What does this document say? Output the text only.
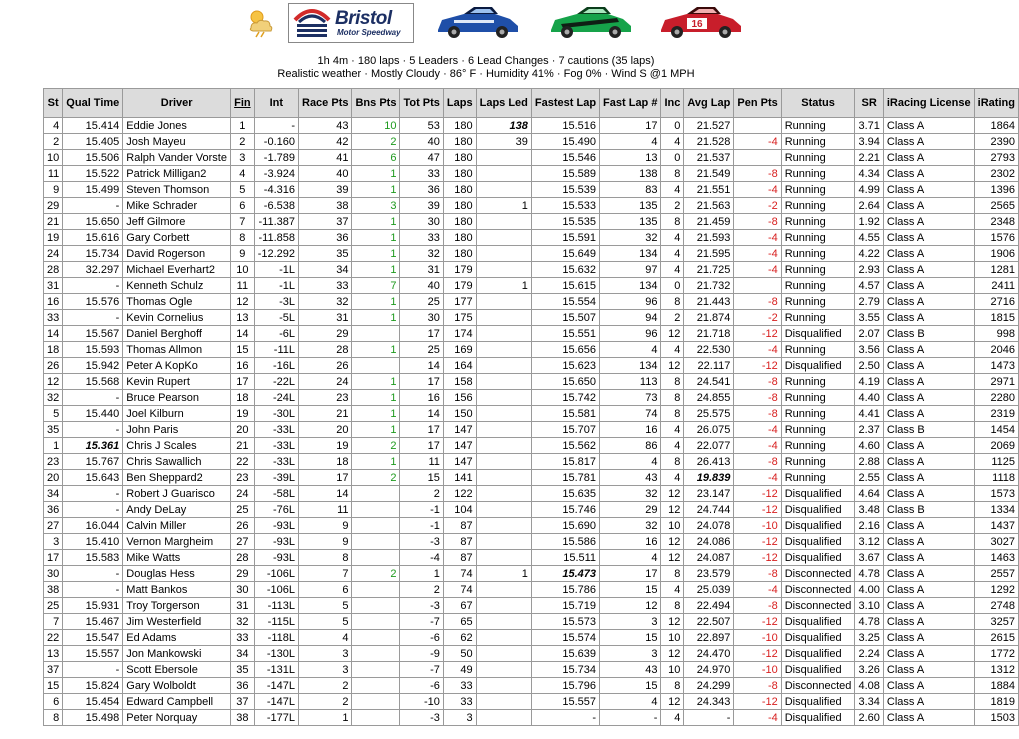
Bristol
Motor Speedway
16
1h 4m · 180 laps · 5 Leaders · 6 Lead Changes · 7 cautions (35 laps)
Realistic weather · Mostly Cloudy · 86° F · Humidity 41% · Fog 0% · Wind S @1 MPH
St	Qual Time	Driver	Fin	Int	Race Pts	Bns Pts	Tot Pts	Laps	Laps Led	Fastest Lap	Fast Lap #	Inc	Avg Lap	Pen Pts	Status	SR	iRacing License	iRating
4	15.414	Eddie Jones	1	-	43	10	53	180	138	15.516	17	0	21.527		Running	3.71	Class A	1864
2	15.405	Josh Mayeu	2	-0.160	42	2	40	180	39	15.490	4	4	21.528	-4	Running	3.94	Class A	2390
10	15.506	Ralph Vander Vorste	3	-1.789	41	6	47	180		15.546	13	0	21.537		Running	2.21	Class A	2793
11	15.522	Patrick Milligan2	4	-3.924	40	1	33	180		15.589	138	8	21.549	-8	Running	4.34	Class A	2302
9	15.499	Steven Thomson	5	-4.316	39	1	36	180		15.539	83	4	21.551	-4	Running	4.99	Class A	1396
29	-	Mike Schrader	6	-6.538	38	3	39	180	1	15.533	135	2	21.563	-2	Running	2.64	Class A	2565
21	15.650	Jeff Gilmore	7	-11.387	37	1	30	180		15.535	135	8	21.459	-8	Running	1.92	Class A	2348
19	15.616	Gary Corbett	8	-11.858	36	1	33	180		15.591	32	4	21.593	-4	Running	4.55	Class A	1576
24	15.734	David Rogerson	9	-12.292	35	1	32	180		15.649	134	4	21.595	-4	Running	4.22	Class A	1906
28	32.297	Michael Everhart2	10	-1L	34	1	31	179		15.632	97	4	21.725	-4	Running	2.93	Class A	1281
31	-	Kenneth Schulz	11	-1L	33	7	40	179	1	15.615	134	0	21.732		Running	4.57	Class A	2411
16	15.576	Thomas Ogle	12	-3L	32	1	25	177		15.554	96	8	21.443	-8	Running	2.79	Class A	2716
33	-	Kevin Cornelius	13	-5L	31	1	30	175		15.507	94	2	21.874	-2	Running	3.55	Class A	1815
14	15.567	Daniel Berghoff	14	-6L	29		17	174		15.551	96	12	21.718	-12	Disqualified	2.07	Class B	998
18	15.593	Thomas Allmon	15	-11L	28	1	25	169		15.656	4	4	22.530	-4	Running	3.56	Class A	2046
26	15.942	Peter A KopKo	16	-16L	26		14	164		15.623	134	12	22.117	-12	Disqualified	2.50	Class A	1473
12	15.568	Kevin Rupert	17	-22L	24	1	17	158		15.650	113	8	24.541	-8	Running	4.19	Class A	2971
32	-	Bruce Pearson	18	-24L	23	1	16	156		15.742	73	8	24.855	-8	Running	4.40	Class A	2280
5	15.440	Joel Kilburn	19	-30L	21	1	14	150		15.581	74	8	25.575	-8	Running	4.41	Class A	2319
35	-	John Paris	20	-33L	20	1	17	147		15.707	16	4	26.075	-4	Running	2.37	Class B	1454
1	15.361	Chris J Scales	21	-33L	19	2	17	147		15.562	86	4	22.077	-4	Running	4.60	Class A	2069
23	15.767	Chris Sawallich	22	-33L	18	1	11	147		15.817	4	8	26.413	-8	Running	2.88	Class A	1125
20	15.643	Ben Sheppard2	23	-39L	17	2	15	141		15.781	43	4	19.839	-4	Running	2.55	Class A	1118
34	-	Robert J Guarisco	24	-58L	14		2	122		15.635	32	12	23.147	-12	Disqualified	4.64	Class A	1573
36	-	Andy DeLay	25	-76L	11		-1	104		15.746	29	12	24.744	-12	Disqualified	3.48	Class B	1334
27	16.044	Calvin Miller	26	-93L	9		-1	87		15.690	32	10	24.078	-10	Disqualified	2.16	Class A	1437
3	15.410	Vernon Margheim	27	-93L	9		-3	87		15.586	16	12	24.086	-12	Disqualified	3.12	Class A	3027
17	15.583	Mike Watts	28	-93L	8		-4	87		15.511	4	12	24.087	-12	Disqualified	3.67	Class A	1463
30	-	Douglas Hess	29	-106L	7	2	1	74	1	15.473	17	8	23.579	-8	Disconnected	4.78	Class A	2557
38	-	Matt Bankos	30	-106L	6		2	74		15.786	15	4	25.039	-4	Disconnected	4.00	Class A	1292
25	15.931	Troy Torgerson	31	-113L	5		-3	67		15.719	12	8	22.494	-8	Disconnected	3.10	Class A	2748
7	15.467	Jim Westerfield	32	-115L	5		-7	65		15.573	3	12	22.507	-12	Disqualified	4.78	Class A	3257
22	15.547	Ed Adams	33	-118L	4		-6	62		15.574	15	10	22.897	-10	Disqualified	3.25	Class A	2615
13	15.557	Jon Mankowski	34	-130L	3		-9	50		15.639	3	12	24.470	-12	Disqualified	2.24	Class A	1772
37	-	Scott Ebersole	35	-131L	3		-7	49		15.734	43	10	24.970	-10	Disqualified	3.26	Class A	1312
15	15.824	Gary Wolboldt	36	-147L	2		-6	33		15.796	15	8	24.299	-8	Disconnected	4.08	Class A	1884
6	15.454	Edward Campbell	37	-147L	2		-10	33		15.557	4	12	24.343	-12	Disqualified	3.34	Class A	1819
8	15.498	Peter Norquay	38	-177L	1		-3	3		-	-	4	-	-4	Disqualified	2.60	Class A	1503
